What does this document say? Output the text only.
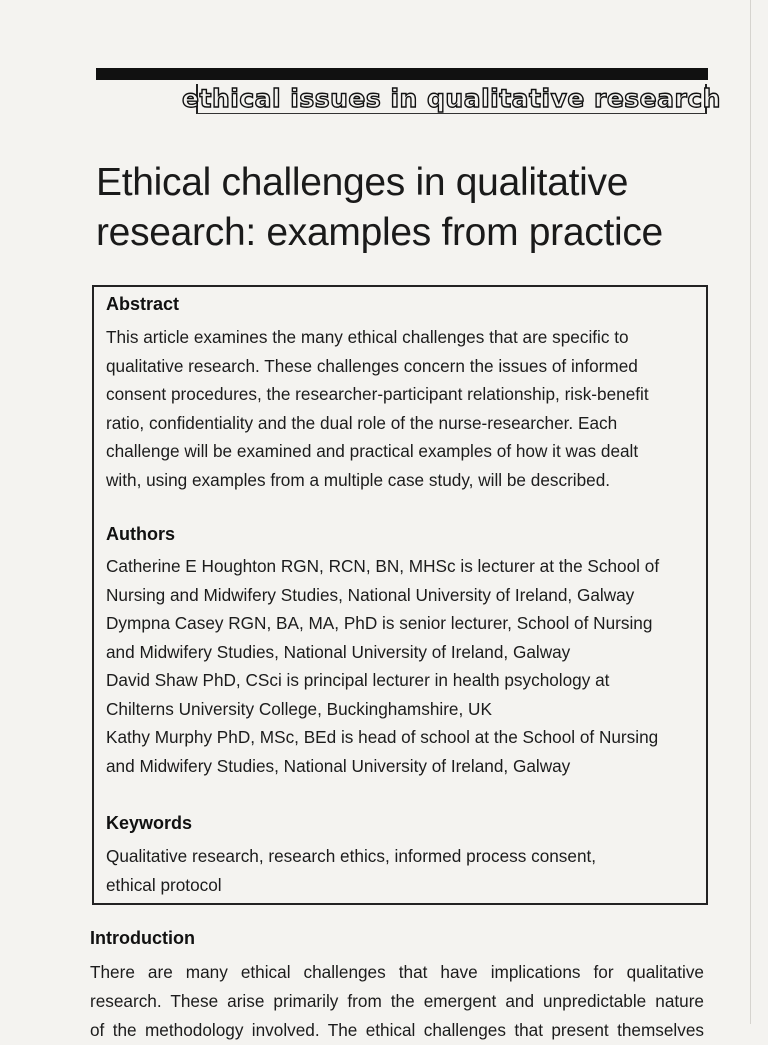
ethical issues in qualitative research
Ethical challenges in qualitative
research: examples from practice
Abstract
This article examines the many ethical challenges that are specific to
qualitative research. These challenges concern the issues of informed
consent procedures, the researcher-participant relationship, risk-benefit
ratio, confidentiality and the dual role of the nurse-researcher. Each
challenge will be examined and practical examples of how it was dealt
with, using examples from a multiple case study, will be described.
Authors
Catherine E Houghton RGN, RCN, BN, MHSc is lecturer at the School of
Nursing and Midwifery Studies, National University of Ireland, Galway
Dympna Casey RGN, BA, MA, PhD is senior lecturer, School of Nursing
and Midwifery Studies, National University of Ireland, Galway
David Shaw PhD, CSci is principal lecturer in health psychology at
Chilterns University College, Buckinghamshire, UK
Kathy Murphy PhD, MSc, BEd is head of school at the School of Nursing
and Midwifery Studies, National University of Ireland, Galway
Keywords
Qualitative research, research ethics, informed process consent,
ethical protocol
Introduction
There are many ethical challenges that have implications for qualitative
research. These arise primarily from the emergent and unpredictable nature
of the methodology involved. The ethical challenges that present themselves
